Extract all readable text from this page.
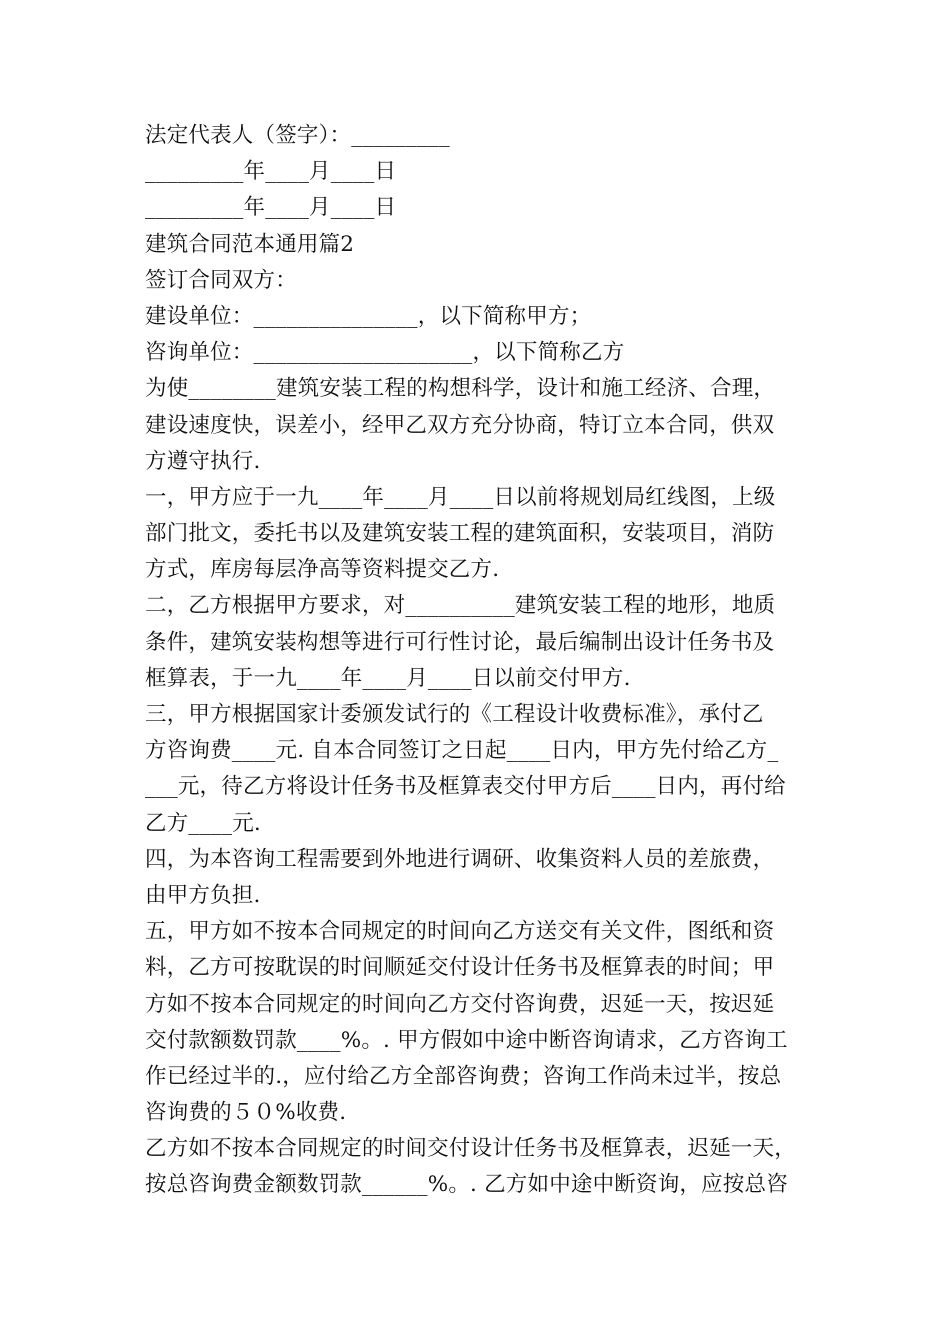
法定代表人（签字）：_________
_________年____月____日
_________年____月____日
建筑合同范本通用篇2
签订合同双方：
建设单位：_______________，以下简称甲方；
咨询单位：____________________，以下简称乙方
为使________建筑安装工程的构想科学，设计和施工经济、合理，
建设速度快，误差小，经甲乙双方充分协商，特订立本合同，供双
方遵守执行.
一，甲方应于一九____年____月____日以前将规划局红线图，上级
部门批文，委托书以及建筑安装工程的建筑面积，安装项目，消防
方式，库房每层净高等资料提交乙方.
二，乙方根据甲方要求，对__________建筑安装工程的地形，地质
条件，建筑安装构想等进行可行性讨论，最后编制出设计任务书及
框算表，于一九____年____月____日以前交付甲方.
三，甲方根据国家计委颁发试行的《工程设计收费标准》，承付乙
方咨询费____元. 自本合同签订之日起____日内，甲方先付给乙方_
___元，待乙方将设计任务书及框算表交付甲方后____日内，再付给
乙方____元.
四，为本咨询工程需要到外地进行调研、收集资料人员的差旅费，
由甲方负担.
五，甲方如不按本合同规定的时间向乙方送交有关文件，图纸和资
料，乙方可按耽误的时间顺延交付设计任务书及框算表的时间；甲
方如不按本合同规定的时间向乙方交付咨询费，迟延一天，按迟延
交付款额数罚款____%。. 甲方假如中途中断咨询请求，乙方咨询工
作已经过半的.，应付给乙方全部咨询费；咨询工作尚未过半，按总
咨询费的５０%收费.
乙方如不按本合同规定的时间交付设计任务书及框算表，迟延一天，
按总咨询费金额数罚款______%。. 乙方如中途中断资询，应按总咨
